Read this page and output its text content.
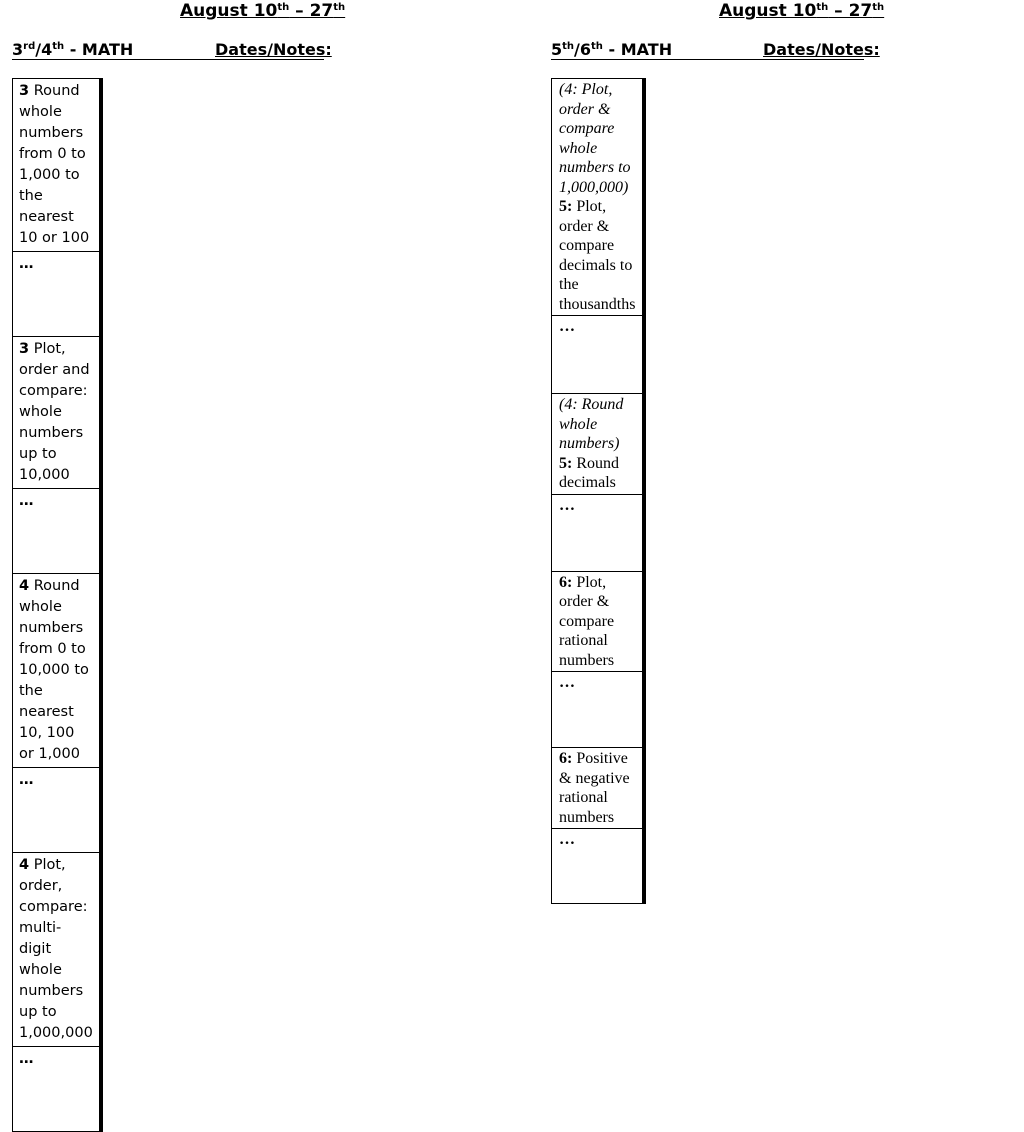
August 10th – 27th
3rd/4th - MATH	Dates/Notes:
3 Round whole numbers from 0 to 1,000 to the nearest 10 or 100		

…		

3 Plot, order and compare:
whole numbers up to 10,000		

…		

4 Round whole numbers from 0 to 10,000 to the nearest 10, 100 or 1,000		

…		

4 Plot, order, compare: multi-digit whole numbers up to 1,000,000		

…		

August 10th – 27th
5th/6th - MATH	Dates/Notes:
(4: Plot, order & compare whole numbers to 1,000,000)
5: Plot, order & compare decimals to the thousandths		

…		

(4: Round whole numbers)
5: Round decimals		

…		

6: Plot, order & compare rational numbers		

…		

6: Positive & negative rational numbers		

…		
